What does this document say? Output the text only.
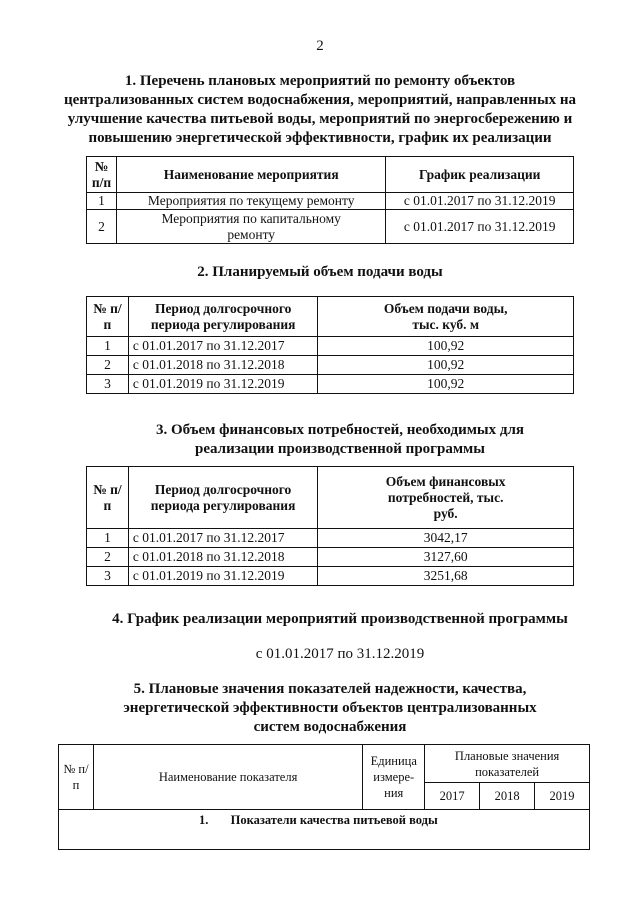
2
1. Перечень плановых мероприятий по ремонту объектов
централизованных систем водоснабжения, мероприятий, направленных на
улучшение качества питьевой воды, мероприятий по энергосбережению и
повышению энергетической эффективности, график их реализации
№ п/п	Наименование мероприятия	График реализации
1	Мероприятия по текущему ремонту	с 01.01.2017 по 31.12.2019
2	Мероприятия по капитальному ремонту	с 01.01.2017 по 31.12.2019
2. Планируемый объем подачи воды
№ п/п	Период долгосрочного периода регулирования	Объем подачи воды, тыс. куб. м
1	с 01.01.2017 по 31.12.2017	100,92
2	с 01.01.2018 по 31.12.2018	100,92
3	с 01.01.2019 по 31.12.2019	100,92
3. Объем финансовых потребностей, необходимых для
реализации производственной программы
№ п/п	Период долгосрочного периода регулирования	Объем финансовых потребностей, тыс. руб.
1	с 01.01.2017 по 31.12.2017	3042,17
2	с 01.01.2018 по 31.12.2018	3127,60
3	с 01.01.2019 по 31.12.2019	3251,68
4. График реализации мероприятий производственной программы
с 01.01.2017 по 31.12.2019
5. Плановые значения показателей надежности, качества,
энергетической эффективности объектов централизованных
систем водоснабжения
№ п/п	Наименование показателя	Единица измере- ния	Плановые значения показателей		
			2017	2018	2019
1. Показатели качества питьевой воды					
